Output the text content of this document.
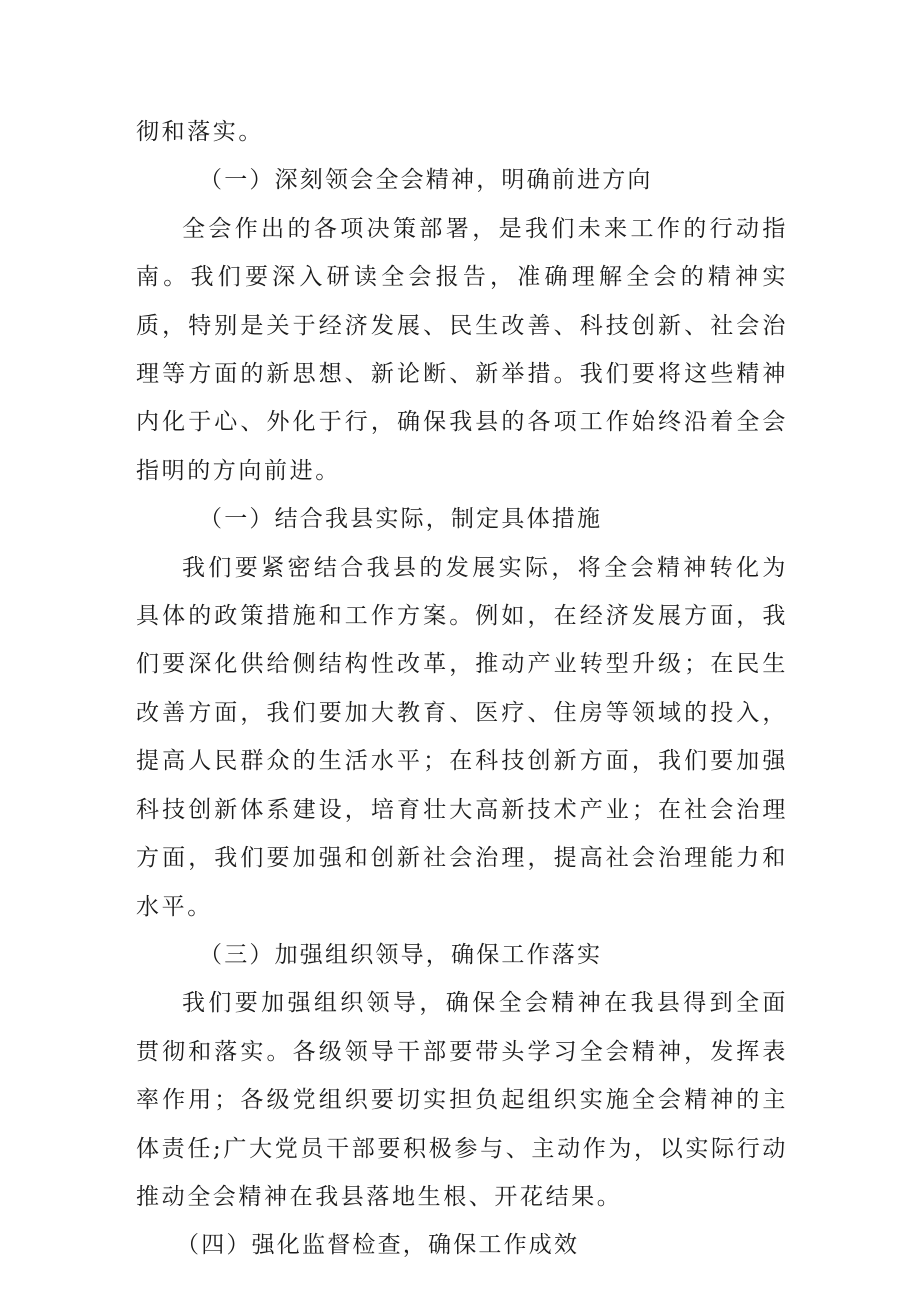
彻和落实。

（一）深刻领会全会精神，明确前进方向

全会作出的各项决策部署，是我们未来工作的行动指南。我们要深入研读全会报告，准确理解全会的精神实质，特别是关于经济发展、民生改善、科技创新、社会治理等方面的新思想、新论断、新举措。我们要将这些精神内化于心、外化于行，确保我县的各项工作始终沿着全会指明的方向前进。

（一）结合我县实际，制定具体措施

我们要紧密结合我县的发展实际，将全会精神转化为具体的政策措施和工作方案。例如，在经济发展方面，我们要深化供给侧结构性改革，推动产业转型升级；在民生改善方面，我们要加大教育、医疗、住房等领域的投入，提高人民群众的生活水平；在科技创新方面，我们要加强科技创新体系建设，培育壮大高新技术产业；在社会治理方面，我们要加强和创新社会治理，提高社会治理能力和水平。

（三）加强组织领导，确保工作落实

我们要加强组织领导，确保全会精神在我县得到全面贯彻和落实。各级领导干部要带头学习全会精神，发挥表率作用；各级党组织要切实担负起组织实施全会精神的主体责任;广大党员干部要积极参与、主动作为，以实际行动推动全会精神在我县落地生根、开花结果。

（四）强化监督检查，确保工作成效
